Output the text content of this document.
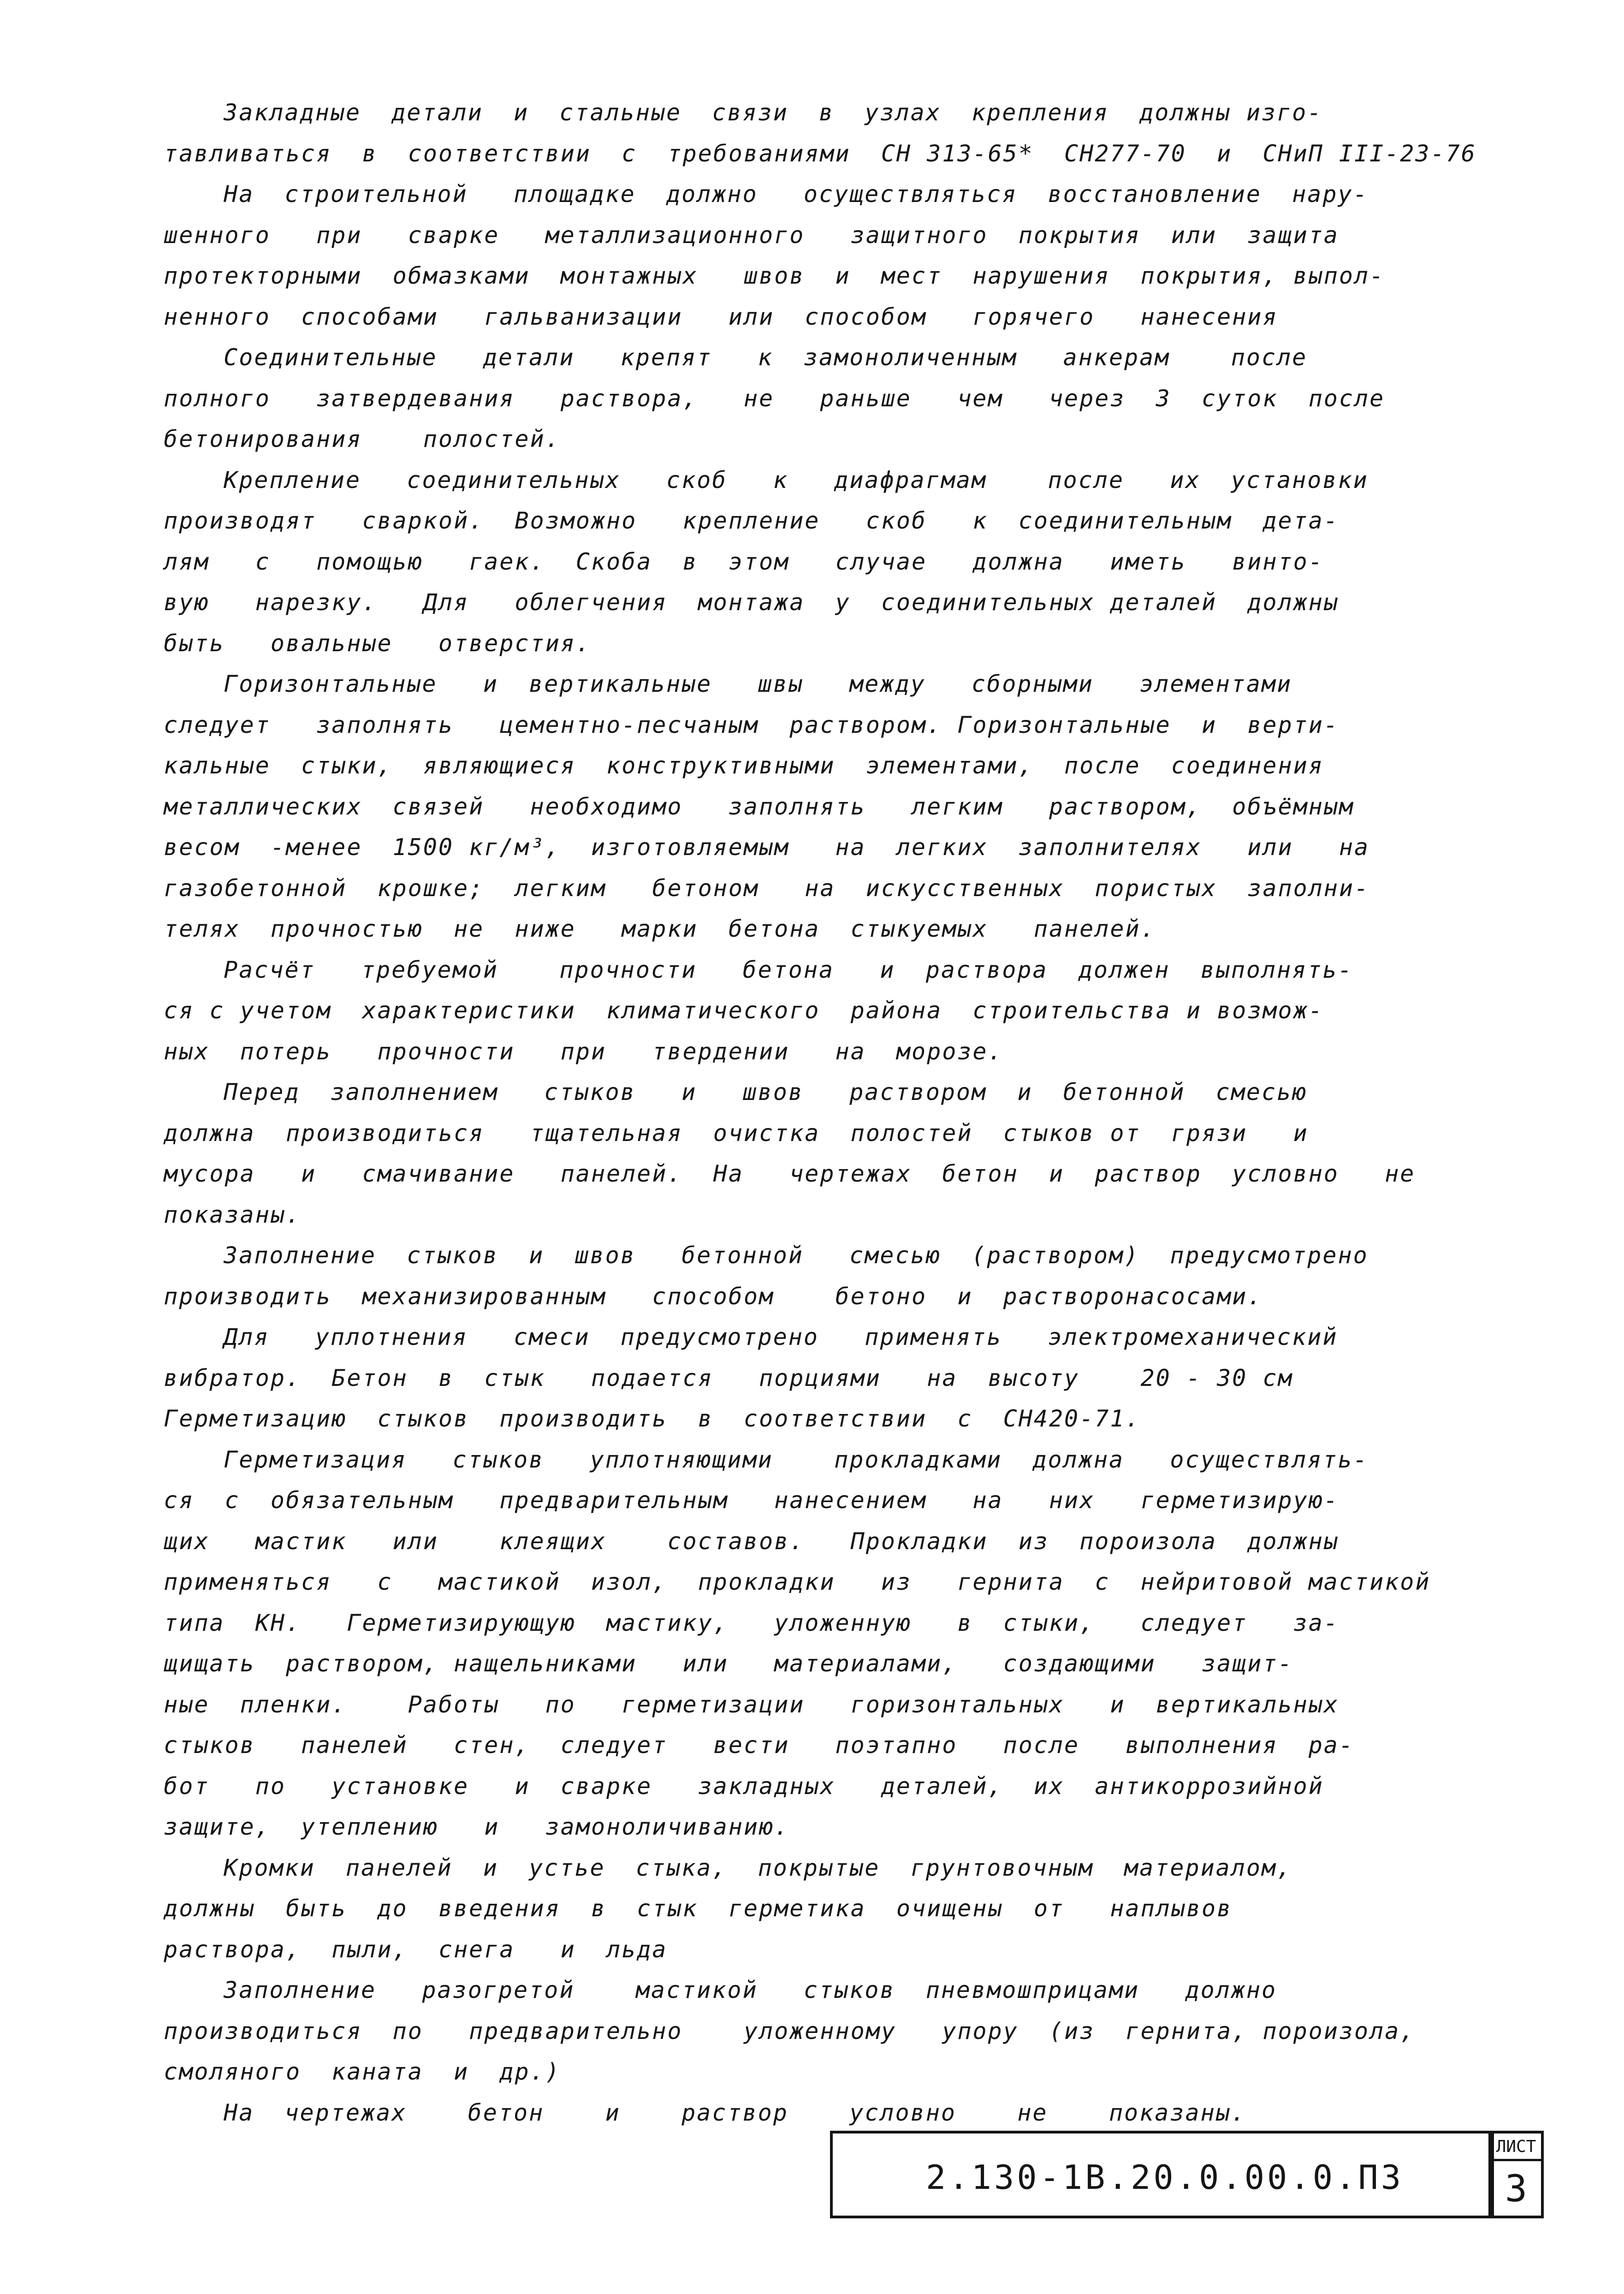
Закладные  детали  и  стальные  связи  в  узлах  крепления  должны изго-
тавливаться  в  соответствии  с  требованиями  СН 313-65*  СН277-70  и  СНиП III-23-76
На  строительной   площадке  должно   осуществляться  восстановление  нару-
шенного   при   сварке   металлизационного   защитного  покрытия  или  защита
протекторными  обмазками  монтажных   швов  и  мест  нарушения  покрытия, выпол-
ненного  способами   гальванизации   или  способом   горячего   нанесения
Соединительные   детали   крепят   к  замоноличенным   анкерам    после
полного   затвердевания   раствора,   не   раньше   чем   через  3  суток  после
бетонирования    полостей.
Крепление   соединительных   скоб   к   диафрагмам    после   их  установки
производят   сваркой.  Возможно   крепление   скоб   к  соединительным  дета-
лям   с   помощью   гаек.  Скоба  в  этом   случае   должна   иметь   винто-
вую   нарезку.   Для   облегчения  монтажа  у  соединительных деталей  должны
быть   овальные   отверстия.
Горизонтальные   и  вертикальные   швы   между   сборными   элементами
следует   заполнять   цементно-песчаным  раствором. Горизонтальные  и  верти-
кальные  стыки,  являющиеся  конструктивными  элементами,  после  соединения
металлических  связей   необходимо   заполнять   легким   раствором,  объёмным
весом  -менее  1500 кг/м³,  изготовляемым   на  легких  заполнителях   или   на
газобетонной  крошке;  легким   бетоном   на  искусственных  пористых  заполни-
телях  прочностью  не  ниже   марки  бетона  стыкуемых   панелей.
Расчёт   требуемой    прочности   бетона   и  раствора  должен  выполнять-
ся с учетом  характеристики  климатического  района  строительства и возмож-
ных  потерь   прочности   при   твердении   на  морозе.
Перед  заполнением   стыков   и   швов   раствором  и  бетонной  смесью
должна  производиться   тщательная  очистка  полостей  стыков от  грязи   и
мусора   и   смачивание   панелей.  На   чертежах  бетон  и  раствор  условно   не
показаны.
Заполнение  стыков  и  швов   бетонной   смесью  (раствором)  предусмотрено
производить  механизированным   способом    бетоно  и  растворонасосами.
Для   уплотнения   смеси  предусмотрено   применять   электромеханический
вибратор.  Бетон  в  стык   подается   порциями   на  высоту    20 - 30 см
Герметизацию  стыков  производить  в  соответствии  с  СН420-71.
Герметизация   стыков   уплотняющими    прокладками  должна   осуществлять-
ся  с  обязательным   предварительным   нанесением   на   них   герметизирую-
щих   мастик   или    клеящих    составов.   Прокладки  из  пороизола  должны
применяться   с   мастикой  изол,  прокладки   из   гернита  с  нейритовой мастикой
типа  КН.   Герметизирующую  мастику,   уложенную   в  стыки,   следует   за-
щищать  раствором, нащельниками   или   материалами,   создающими   защит-
ные  пленки.    Работы   по   герметизации   горизонтальных   и  вертикальных
стыков   панелей   стен,  следует   вести   поэтапно   после   выполнения  ра-
бот   по   установке   и  сварке   закладных   деталей,  их  антикоррозийной
защите,  утеплению   и   замоноличиванию.
Кромки  панелей  и  устье  стыка,  покрытые  грунтовочным  материалом,
должны  быть  до  введения  в  стык  герметика  очищены  от   наплывов
раствора,  пыли,  снега   и  льда
Заполнение   разогретой    мастикой   стыков  пневмошприцами   должно
производиться  по   предварительно    уложенному   упору  (из  гернита, пороизола,
смоляного  каната  и  др.)
На  чертежах    бетон    и    раствор    условно    не    показаны.
2.130-1В.20.0.00.0.ПЗ
ЛИСТ
3
